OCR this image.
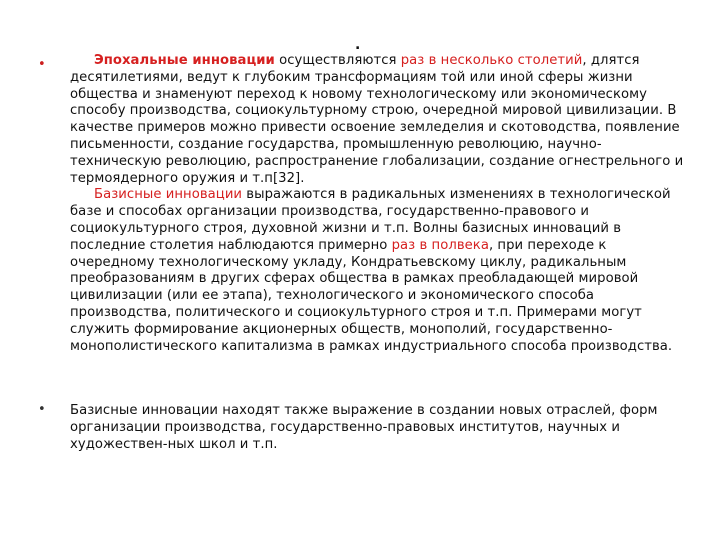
.
•	Эпохальные инновации осуществляются раз в несколько столетий, длятся десятилетиями, ведут к глубоким трансформациям той или иной сферы жизни общества и знаменуют переход к новому технологическому или экономическому способу производства, социокультурному строю, очередной мировой цивилизации. В качестве примеров можно привести освоение земледелия и скотоводства, появление письменности, создание государства, промышленную революцию, научно-техническую революцию, распространение глобализации, создание огнестрельного и термоядерного оружия и т.п[32].

Базисные инновации выражаются в радикальных изменениях в технологической базе и способах организации производства, государственно-правового и социокультурного строя, духовной жизни и т.п. Волны базисных инноваций в последние столетия наблюдаются примерно раз в полвека, при переходе к очередному технологическому укладу, Кондратьевскому циклу, радикальным преобразованиям в других сферах общества в рамках преобладающей мировой цивилизации (или ее этапа), технологического и экономического способа производства, политического и социокультурного строя и т.п. Примерами могут служить формирование акционерных обществ, монополий, государственно-монополистического капитализма в рамках индустриального способа производства.

• Базисные инновации находят также выражение в создании новых отраслей, форм организации производства, государственно-правовых институтов, научных и художествен-ных школ и т.п.
